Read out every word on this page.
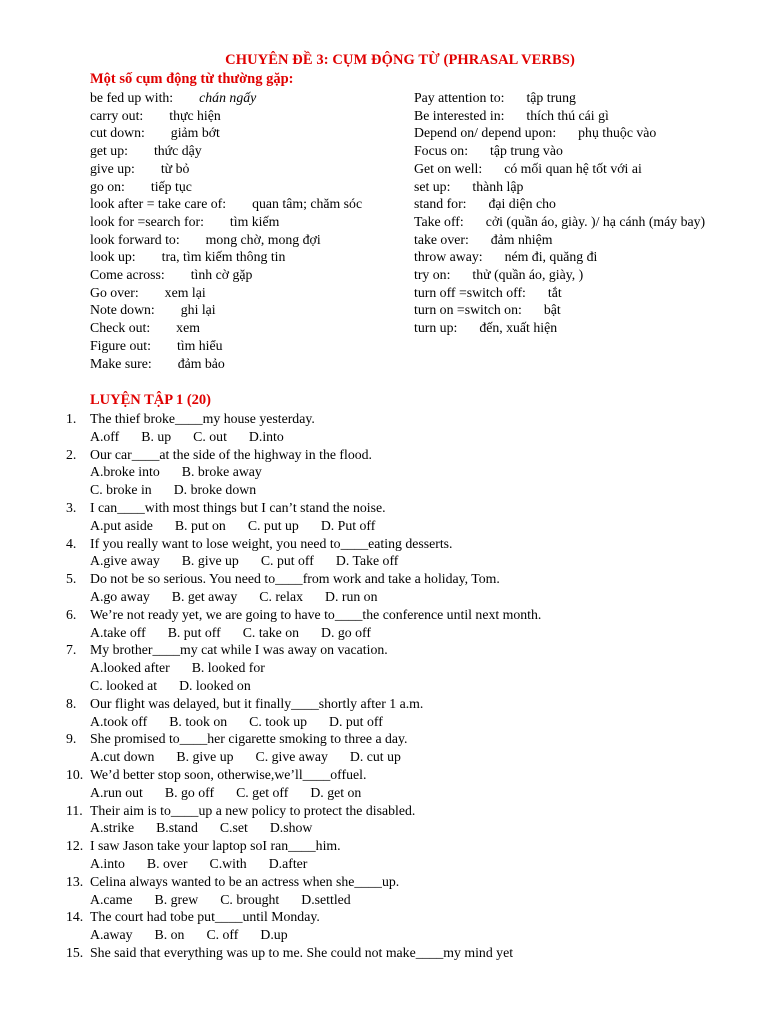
CHUYÊN ĐỀ 3: CỤM ĐỘNG TỪ (PHRASAL VERBS)
Một số cụm động từ thường gặp:
be fed up with: chán ngấy
carry out: thực hiện
cut down: giảm bớt
get up: thức dậy
give up: từ bỏ
go on: tiếp tục
look after = take care of: quan tâm; chăm sóc
look for =search for: tìm kiếm
look forward to: mong chờ, mong đợi
look up: tra, tìm kiếm thông tin
Come across: tình cờ gặp
Go over: xem lại
Note down: ghi lại
Check out: xem
Figure out: tìm hiểu
Make sure: đảm bảo
Pay attention to: tập trung
Be interested in: thích thú cái gì
Depend on/ depend upon: phụ thuộc vào
Focus on: tập trung vào
Get on well: có mối quan hệ tốt với ai
set up: thành lập
stand for: đại diện cho
Take off: cởi (quần áo, giày. )/ hạ cánh (máy bay)
take over: đảm nhiệm
throw away: ném đi, quăng đi
try on: thử (quần áo, giày, )
turn off =switch off: tắt
turn on =switch on: bật
turn up: đến, xuất hiện
LUYỆN TẬP 1 (20)
1. The thief broke____my house yesterday.
A.off B. up C. out D.into
2. Our car____at the side of the highway in the flood.
A.broke into B. broke away
C. broke in D. broke down
3. I can____with most things but I can’t stand the noise.
A.put aside B. put on C. put up D. Put off
4. If you really want to lose weight, you need to____eating desserts.
A.give away B. give up C. put off D. Take off
5. Do not be so serious. You need to____from work and take a holiday, Tom.
A.go away B. get away C. relax D. run on
6. We’re not ready yet, we are going to have to____the conference until next month.
A.take off B. put off C. take on D. go off
7. My brother____my cat while I was away on vacation.
A.looked after B. looked for
C. looked at D. looked on
8. Our flight was delayed, but it finally____shortly after 1 a.m.
A.took off B. took on C. took up D. put off
9. She promised to____her cigarette smoking to three a day.
A.cut down B. give up C. give away D. cut up
10. We’d better stop soon, otherwise,we’ll____offuel.
A.run out B. go off C. get off D. get on
11. Their aim is to____up a new policy to protect the disabled.
A.strike B.stand C.set D.show
12. I saw Jason take your laptop soI ran____him.
A.into B. over C.with D.after
13. Celina always wanted to be an actress when she____up.
A.came B. grew C. brought D.settled
14. The court had tobe put____until Monday.
A.away B. on C. off D.up
15. She said that everything was up to me. She could not make____my mind yet
